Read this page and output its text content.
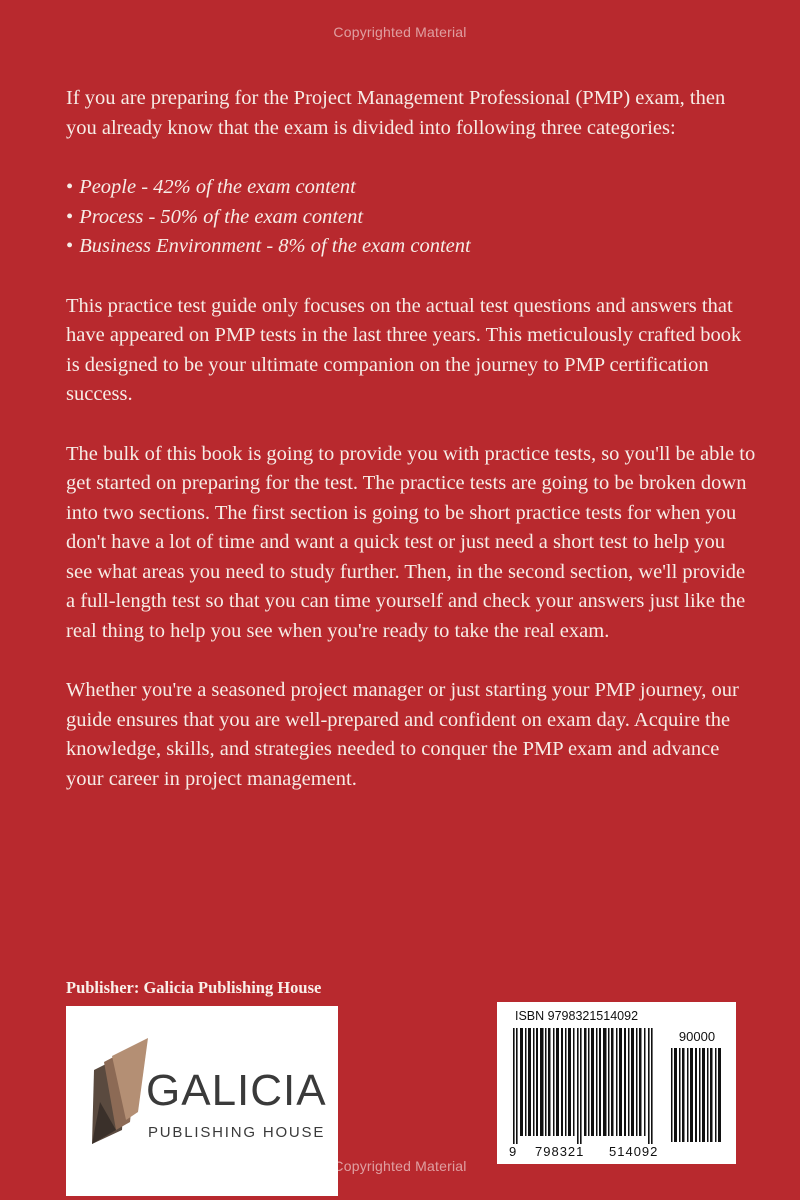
Copyrighted Material

If you are preparing for the Project Management Professional (PMP) exam, then you already know that the exam is divided into following three categories:

• People - 42% of the exam content
• Process - 50% of the exam content
• Business Environment - 8% of the exam content

This practice test guide only focuses on the actual test questions and answers that have appeared on PMP tests in the last three years. This meticulously crafted book is designed to be your ultimate companion on the journey to PMP certification success.

The bulk of this book is going to provide you with practice tests, so you'll be able to get started on preparing for the test. The practice tests are going to be broken down into two sections. The first section is going to be short practice tests for when you don't have a lot of time and want a quick test or just need a short test to help you see what areas you need to study further. Then, in the second section, we'll provide a full-length test so that you can time yourself and check your answers just like the real thing to help you see when you're ready to take the real exam.

Whether you're a seasoned project manager or just starting your PMP journey, our guide ensures that you are well-prepared and confident on exam day. Acquire the knowledge, skills, and strategies needed to conquer the PMP exam and advance your career in project management.

Publisher: Galicia Publishing House
GALICIA
PUBLISHING HOUSE
ISBN 9798321514092
90000
9 798321 514092
Copyrighted Material
